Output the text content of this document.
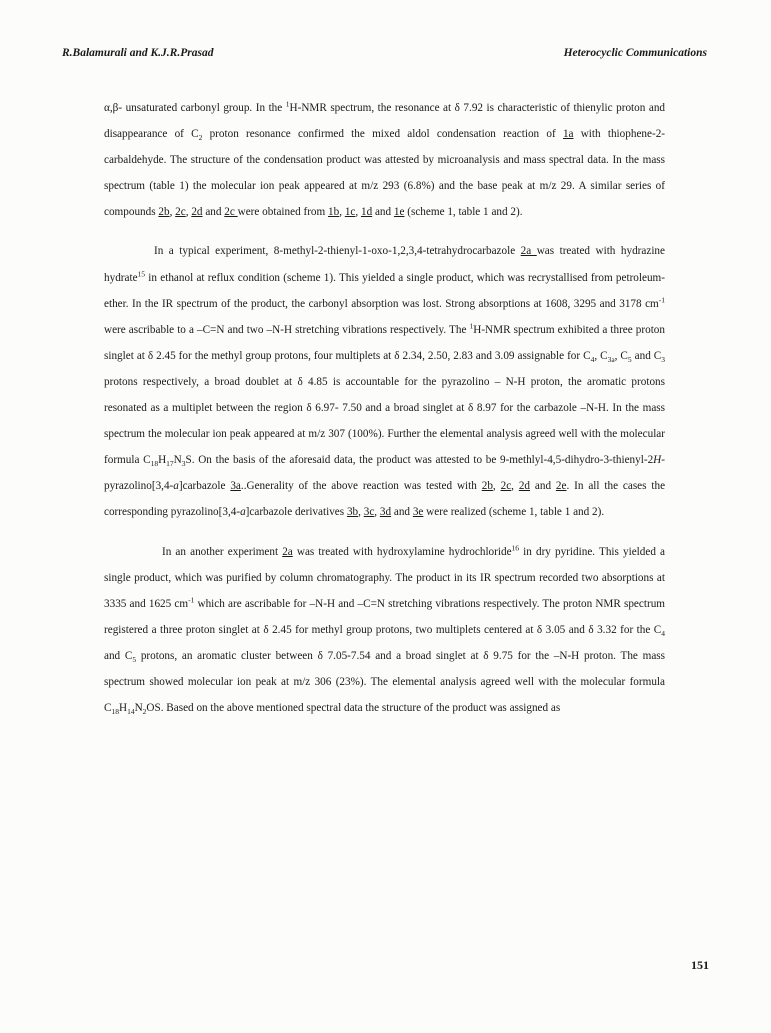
R.Balamurali and K.J.R.Prasad	Heterocyclic Communications

α,β- unsaturated carbonyl group. In the $^1$H-NMR spectrum, the resonance at δ 7.92 is characteristic of thienylic proton and disappearance of $C_2$ proton resonance confirmed the mixed aldol condensation reaction of 1a with thiophene-2-carbaldehyde. The structure of the condensation product was attested by microanalysis and mass spectral data. In the mass spectrum (table 1) the molecular ion peak appeared at m/z 293 (6.8%) and the base peak at m/z 29. A similar series of compounds 2b, 2c, 2d and 2c were obtained from 1b, 1c, 1d and 1e (scheme 1, table 1 and 2).

In a typical experiment, 8-methyl-2-thienyl-1-oxo-1,2,3,4-tetrahydrocarbazole 2a was treated with hydrazine hydrate$^{15}$ in ethanol at reflux condition (scheme 1). This yielded a single product, which was recrystallised from petroleum-ether. In the IR spectrum of the product, the carbonyl absorption was lost. Strong absorptions at 1608, 3295 and 3178 $cm^{-1}$ were ascribable to a –C=N and two –N-H stretching vibrations respectively. The $^1$H-NMR spectrum exhibited a three proton singlet at δ 2.45 for the methyl group protons, four multiplets at δ 2.34, 2.50, 2.83 and 3.09 assignable for $C_4$, $C_{3a}$, $C_5$ and $C_3$ protons respectively, a broad doublet at δ 4.85 is accountable for the pyrazolino – N-H proton, the aromatic protons resonated as a multiplet between the region δ 6.97- 7.50 and a broad singlet at δ 8.97 for the carbazole –N-H. In the mass spectrum the molecular ion peak appeared at m/z 307 (100%). Further the elemental analysis agreed well with the molecular formula $C_{18}H_{17}N_3S$. On the basis of the aforesaid data, the product was attested to be 9-methlyl-4,5-dihydro-3-thienyl-2H-pyrazolino[3,4-a]carbazole 3a..Generality of the above reaction was tested with 2b, 2c, 2d and 2e. In all the cases the corresponding pyrazolino[3,4-a]carbazole derivatives 3b, 3c, 3d and 3e were realized (scheme 1, table 1 and 2).

In an another experiment 2a was treated with hydroxylamine hydrochloride$^{16}$ in dry pyridine. This yielded a single product, which was purified by column chromatography. The product in its IR spectrum recorded two absorptions at 3335 and 1625 $cm^{-1}$ which are ascribable for –N-H and –C=N stretching vibrations respectively. The proton NMR spectrum registered a three proton singlet at δ 2.45 for methyl group protons, two multiplets centered at δ 3.05 and δ 3.32 for the $C_4$ and $C_5$ protons, an aromatic cluster between δ 7.05-7.54 and a broad singlet at δ 9.75 for the –N-H proton. The mass spectrum showed molecular ion peak at m/z 306 (23%). The elemental analysis agreed well with the molecular formula $C_{18}H_{14}N_2OS$. Based on the above mentioned spectral data the structure of the product was assigned as

151
